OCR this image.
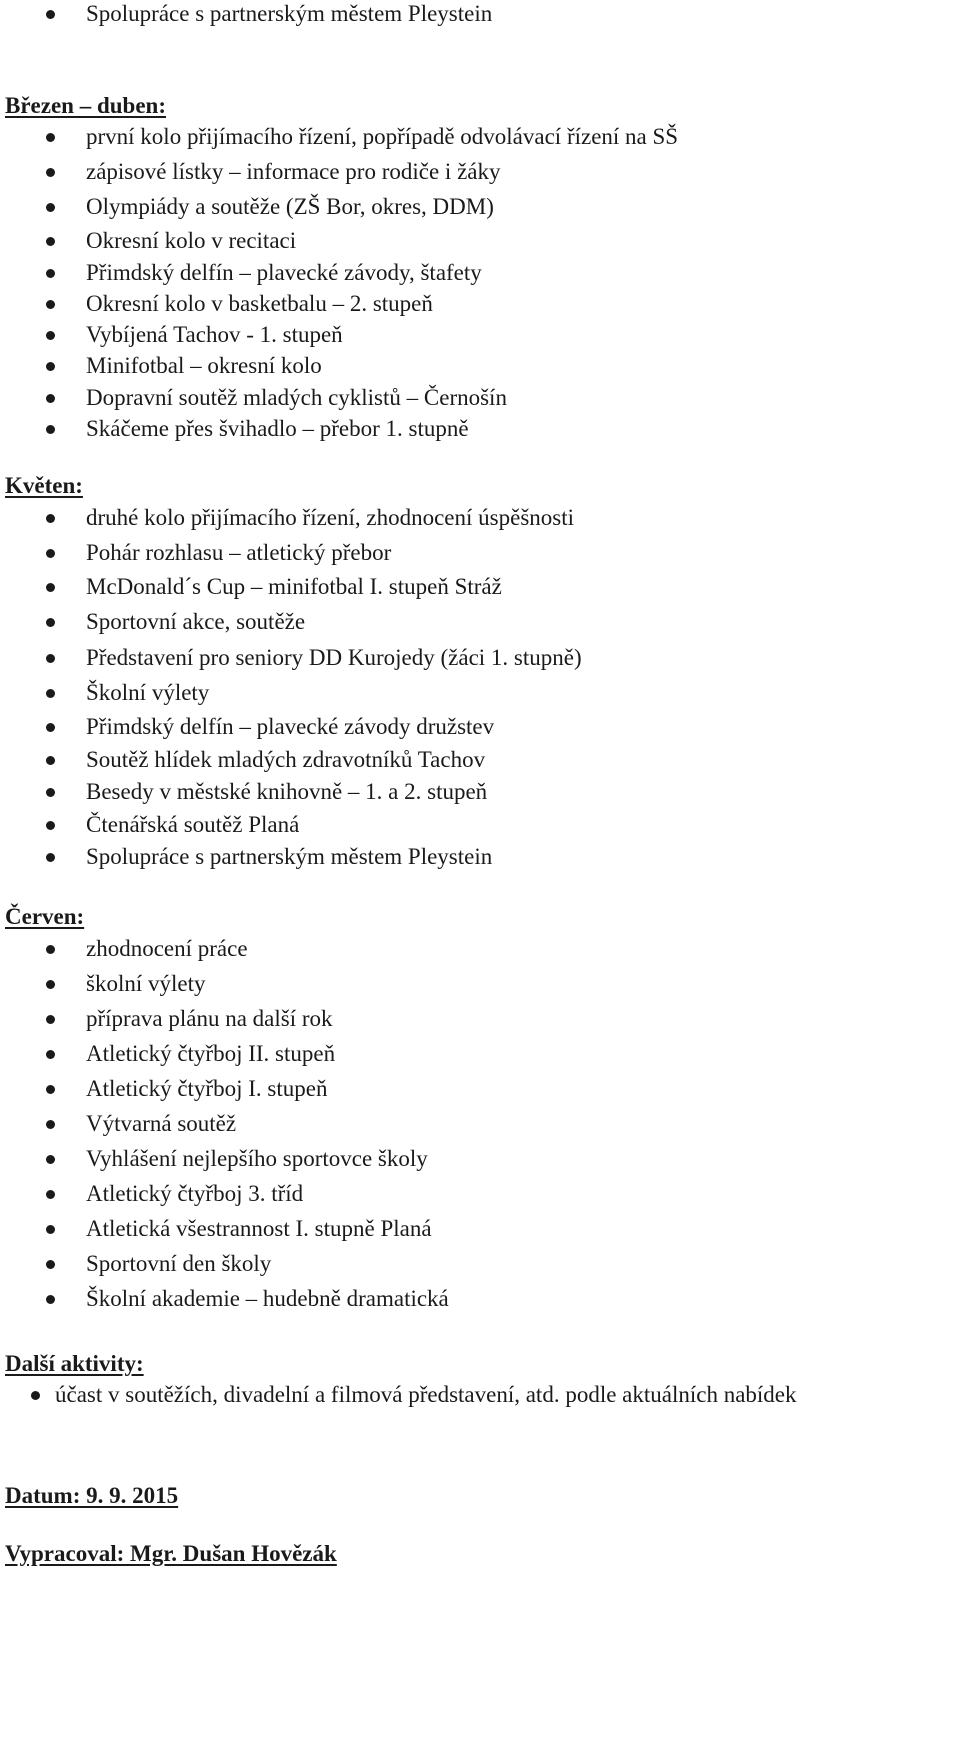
Spolupráce s partnerským městem Pleystein
Březen – duben:
první kolo přijímacího řízení, popřípadě odvolávací řízení na SŠ
zápisové lístky – informace pro rodiče i žáky
Olympiády a soutěže (ZŠ Bor, okres, DDM)
Okresní kolo v recitaci
Přimdský delfín – plavecké závody, štafety
Okresní kolo v basketbalu – 2. stupeň
Vybíjená Tachov - 1. stupeň
Minifotbal – okresní kolo
Dopravní soutěž mladých cyklistů – Černošín
Skáčeme přes švihadlo – přebor 1. stupně
Květen:
druhé kolo přijímacího řízení, zhodnocení úspěšnosti
Pohár rozhlasu – atletický přebor
McDonald´s Cup – minifotbal I. stupeň Stráž
Sportovní akce, soutěže
Představení pro seniory DD Kurojedy (žáci 1. stupně)
Školní výlety
Přimdský delfín – plavecké závody družstev
Soutěž hlídek mladých zdravotníků Tachov
Besedy v městské knihovně – 1. a 2. stupeň
Čtenářská soutěž Planá
Spolupráce s partnerským městem Pleystein
Červen:
zhodnocení práce
školní výlety
příprava plánu na další rok
Atletický čtyřboj II. stupeň
Atletický čtyřboj I. stupeň
Výtvarná soutěž
Vyhlášení nejlepšího sportovce školy
Atletický čtyřboj 3. tříd
Atletická všestrannost I. stupně Planá
Sportovní den školy
Školní akademie – hudebně dramatická
Další aktivity:
účast v soutěžích, divadelní a filmová představení, atd. podle aktuálních nabídek
Datum: 9. 9. 2015
Vypracoval: Mgr. Dušan Hovězák
